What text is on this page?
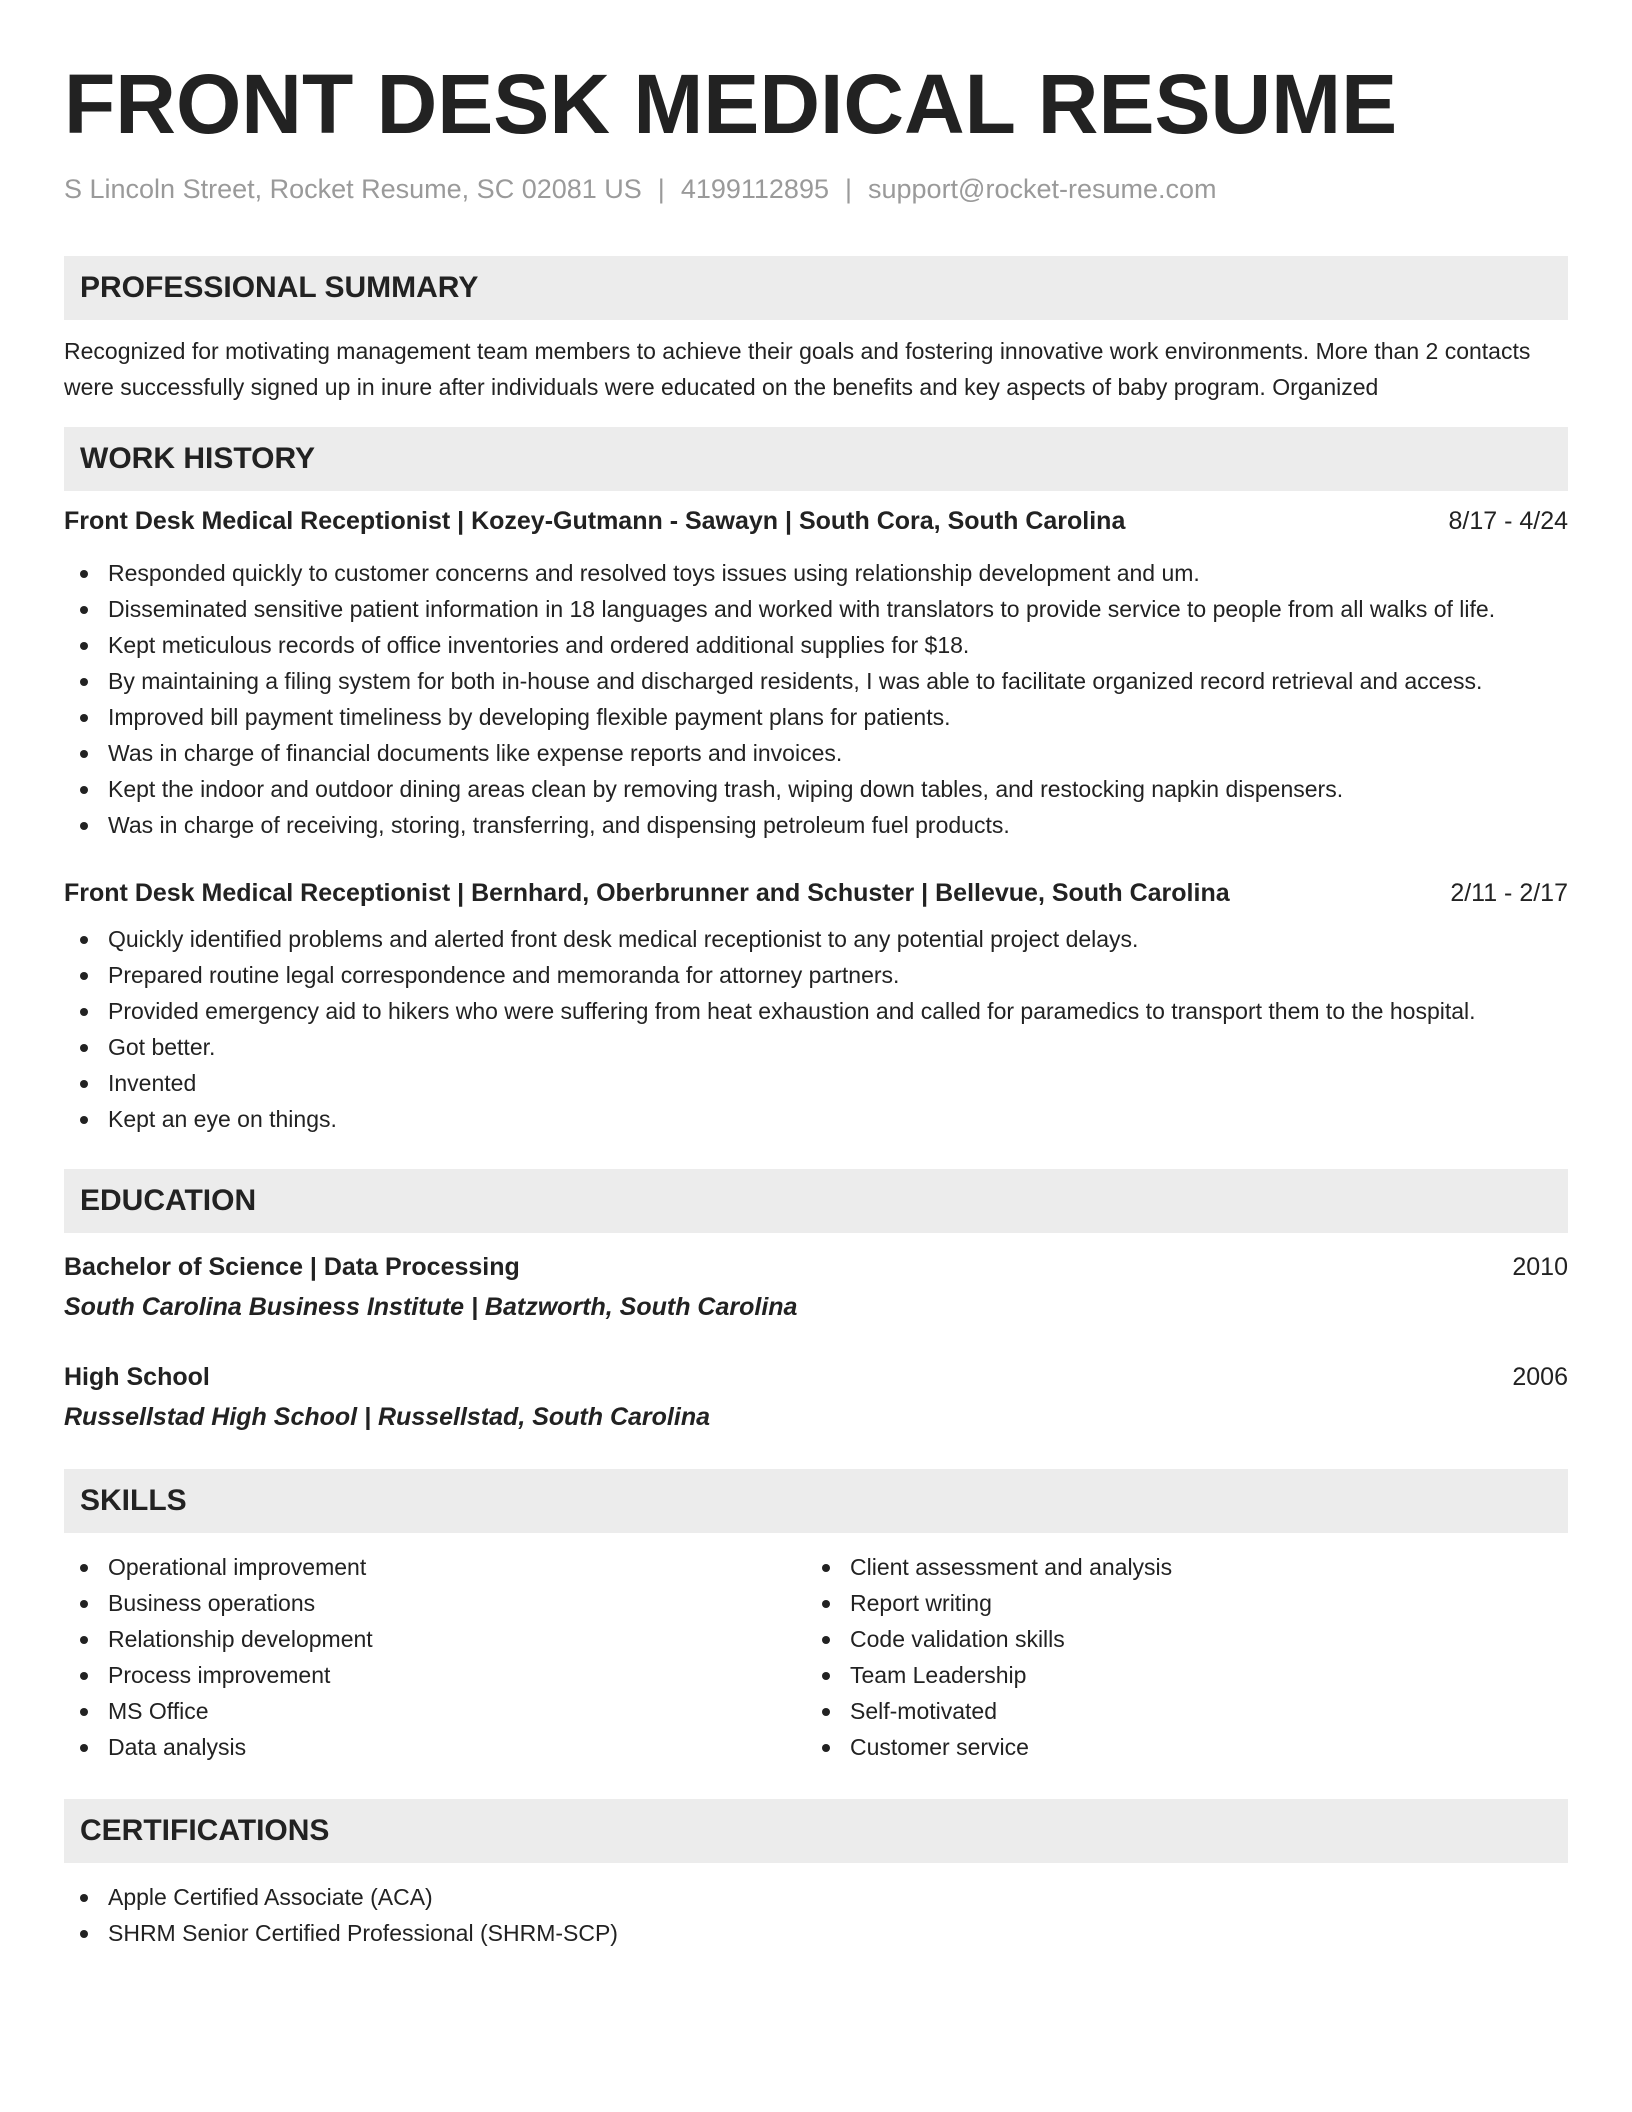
FRONT DESK MEDICAL RESUME
S Lincoln Street, Rocket Resume, SC 02081 US | 4199112895 | support@rocket-resume.com
PROFESSIONAL SUMMARY

Recognized for motivating management team members to achieve their goals and fostering innovative work environments. More than 2 contacts were successfully signed up in inure after individuals were educated on the benefits and key aspects of baby program. Organized

WORK HISTORY
Front Desk Medical Receptionist | Kozey-Gutmann - Sawayn | South Cora, South Carolina	8/17 - 4/24
Responded quickly to customer concerns and resolved toys issues using relationship development and um.
Disseminated sensitive patient information in 18 languages and worked with translators to provide service to people from all walks of life.
Kept meticulous records of office inventories and ordered additional supplies for $18.
By maintaining a filing system for both in-house and discharged residents, I was able to facilitate organized record retrieval and access.
Improved bill payment timeliness by developing flexible payment plans for patients.
Was in charge of financial documents like expense reports and invoices.
Kept the indoor and outdoor dining areas clean by removing trash, wiping down tables, and restocking napkin dispensers.
Was in charge of receiving, storing, transferring, and dispensing petroleum fuel products.
Front Desk Medical Receptionist | Bernhard, Oberbrunner and Schuster | Bellevue, South Carolina	2/11 - 2/17
Quickly identified problems and alerted front desk medical receptionist to any potential project delays.
Prepared routine legal correspondence and memoranda for attorney partners.
Provided emergency aid to hikers who were suffering from heat exhaustion and called for paramedics to transport them to the hospital.
Got better.
Invented
Kept an eye on things.
EDUCATION
Bachelor of Science | Data Processing	2010
South Carolina Business Institute | Batzworth, South Carolina
High School	2006
Russellstad High School | Russellstad, South Carolina
SKILLS
Operational improvement
Business operations
Relationship development
Process improvement
MS Office
Data analysis
Client assessment and analysis
Report writing
Code validation skills
Team Leadership
Self-motivated
Customer service
CERTIFICATIONS
Apple Certified Associate (ACA)
SHRM Senior Certified Professional (SHRM-SCP)
